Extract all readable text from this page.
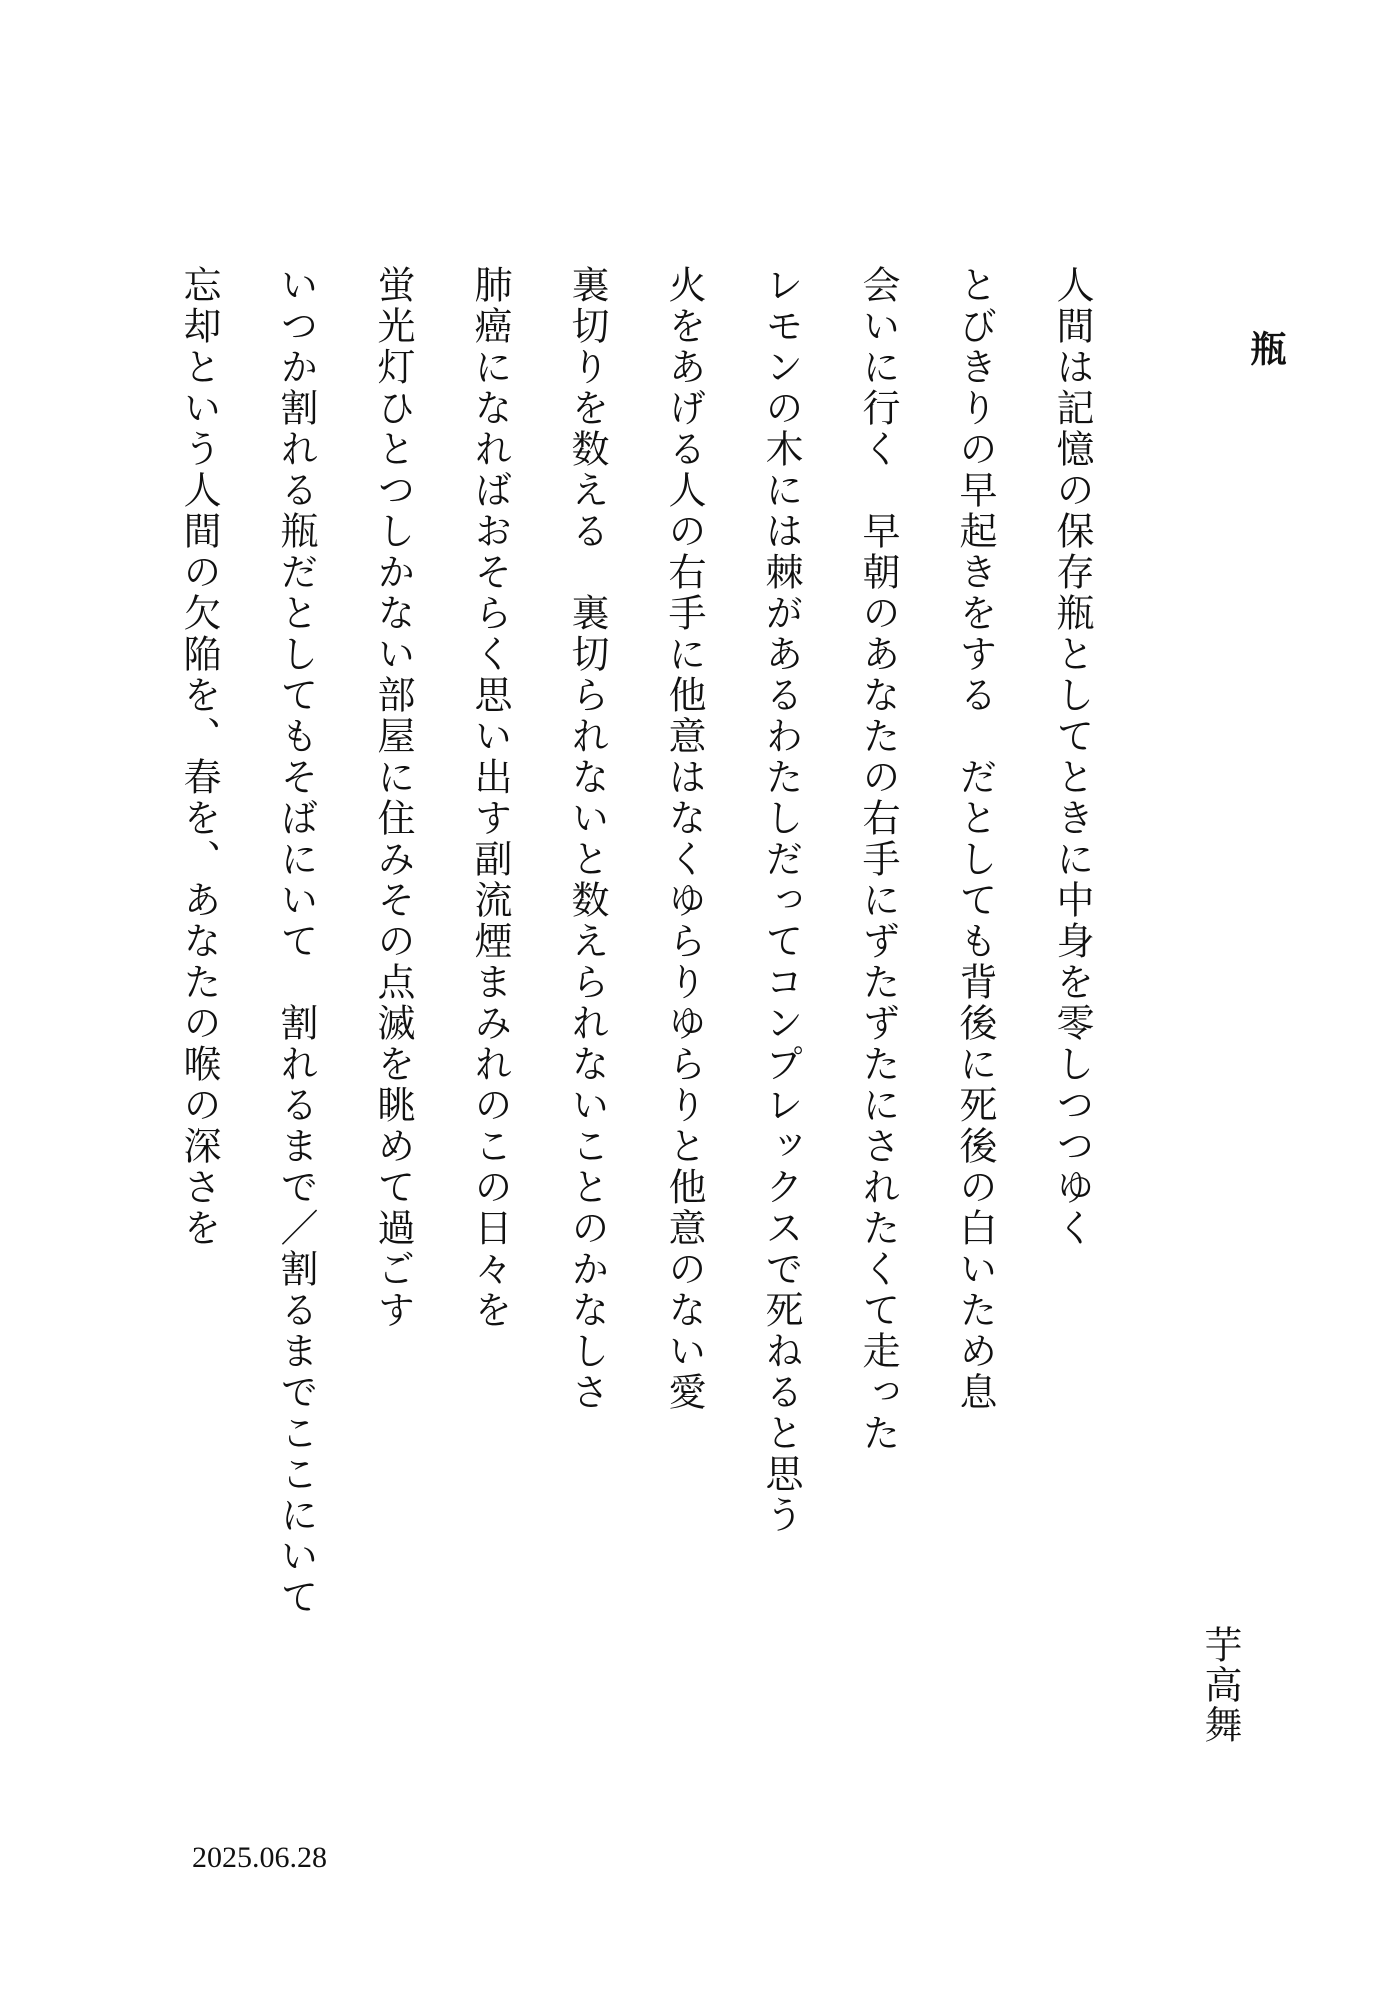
瓶
人間は記憶の保存瓶としてときに中身を零しつつゆく
とびきりの早起きをする　だとしても背後に死後の白いため息
会いに行く　早朝のあなたの右手にずたずたにされたくて走った
レモンの木には棘があるわたしだってコンプレックスで死ねると思う
火をあげる人の右手に他意はなくゆらりゆらりと他意のない愛
裏切りを数える　裏切られないと数えられないことのかなしさ
肺癌になればおそらく思い出す副流煙まみれのこの日々を
蛍光灯ひとつしかない部屋に住みその点滅を眺めて過ごす
いつか割れる瓶だとしてもそばにいて　割れるまで／割るまでここにいて
忘却という人間の欠陥を、春を、あなたの喉の深さを
芋高舞
2025.06.28
